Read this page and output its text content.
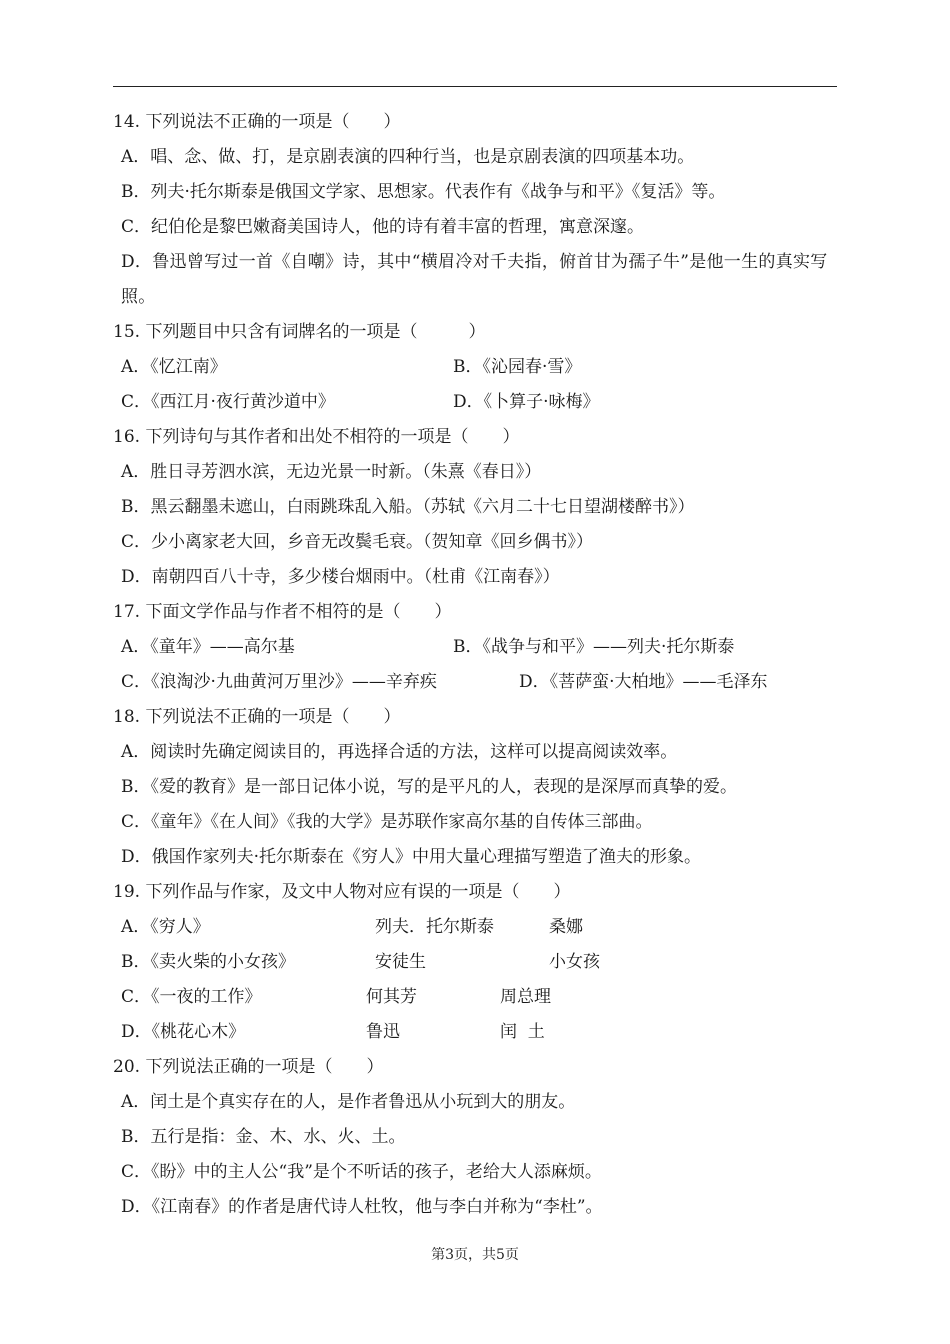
14. 下列说法不正确的一项是（　　）
A．唱、念、做、打，是京剧表演的四种行当，也是京剧表演的四项基本功。
B．列夫·托尔斯泰是俄国文学家、思想家。代表作有《战争与和平》《复活》等。
C．纪伯伦是黎巴嫩裔美国诗人，他的诗有着丰富的哲理，寓意深邃。
D．鲁迅曾写过一首《自嘲》诗，其中“横眉冷对千夫指，俯首甘为孺子牛”是他一生的真实写照。
15. 下列题目中只含有词牌名的一项是（　　　）
A．《忆江南》	B．《沁园春·雪》
C．《西江月·夜行黄沙道中》	D．《卜算子·咏梅》
16. 下列诗句与其作者和出处不相符的一项是（　　）
A．胜日寻芳泗水滨，无边光景一时新。（朱熹《春日》）
B．黑云翻墨未遮山，白雨跳珠乱入船。（苏轼《六月二十七日望湖楼醉书》）
C．少小离家老大回，乡音无改鬓毛衰。（贺知章《回乡偶书》）
D．南朝四百八十寺，多少楼台烟雨中。（杜甫《江南春》）
17. 下面文学作品与作者不相符的是（　　）
A．《童年》——高尔基	B．《战争与和平》——列夫·托尔斯泰
C．《浪淘沙·九曲黄河万里沙》——辛弃疾	D．《菩萨蛮·大柏地》——毛泽东
18. 下列说法不正确的一项是（　　）
A．阅读时先确定阅读目的，再选择合适的方法，这样可以提高阅读效率。
B．《爱的教育》是一部日记体小说，写的是平凡的人，表现的是深厚而真挚的爱。
C．《童年》《在人间》《我的大学》是苏联作家高尔基的自传体三部曲。
D．俄国作家列夫·托尔斯泰在《穷人》中用大量心理描写塑造了渔夫的形象。
19. 下列作品与作家，及文中人物对应有误的一项是（　　）
A．《穷人》	列夫．托尔斯泰	桑娜
B．《卖火柴的小女孩》	安徒生	小女孩
C．《一夜的工作》	何其芳	周总理
D．《桃花心木》	鲁迅	闰  土
20. 下列说法正确的一项是（　　）
A．闰土是个真实存在的人，是作者鲁迅从小玩到大的朋友。
B．五行是指：金、木、水、火、土。
C．《盼》中的主人公“我”是个不听话的孩子，老给大人添麻烦。
D．《江南春》的作者是唐代诗人杜牧，他与李白并称为“李杜”。
第3页，共5页
